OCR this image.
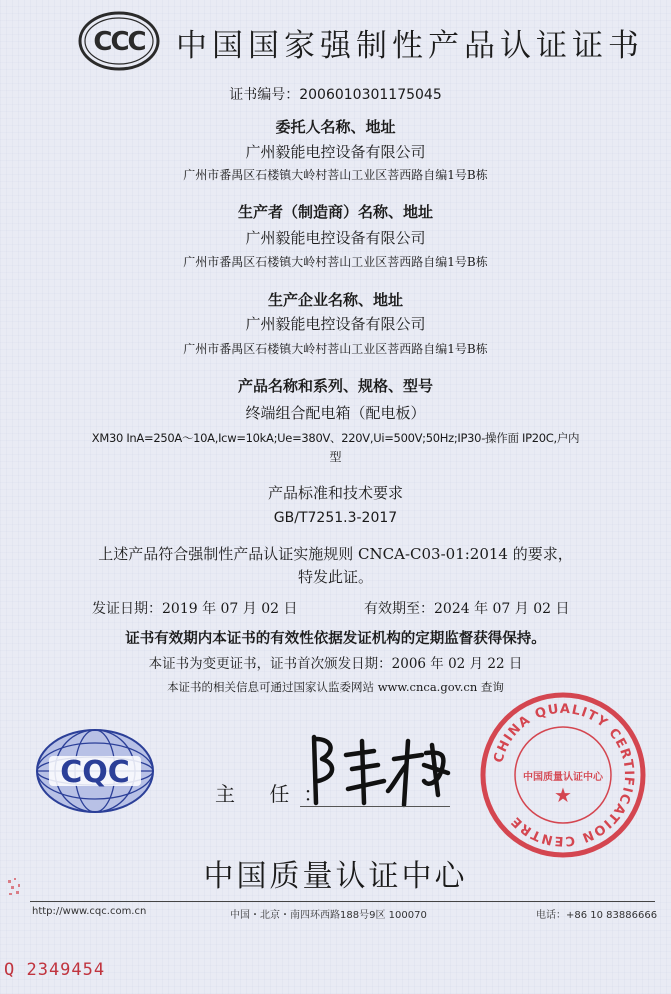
CCC 中国国家强制性产品认证证书
证书编号：2006010301175045
委托人名称、地址
广州毅能电控设备有限公司
广州市番禺区石楼镇大岭村菩山工业区菩西路自编1号B栋
生产者（制造商）名称、地址
广州毅能电控设备有限公司
广州市番禺区石楼镇大岭村菩山工业区菩西路自编1号B栋
生产企业名称、地址
广州毅能电控设备有限公司
广州市番禺区石楼镇大岭村菩山工业区菩西路自编1号B栋
产品名称和系列、规格、型号
终端组合配电箱（配电板）
XM30 InA=250A～10A,Icw=10kA;Ue=380V、220V,Ui=500V;50Hz;IP30-操作面 IP20C,户内
型
产品标准和技术要求
GB/T7251.3-2017
上述产品符合强制性产品认证实施规则 CNCA-C03-01:2014 的要求，
特发此证。
发证日期：2019 年 07 月 02 日	有效期至：2024 年 07 月 02 日
证书有效期内本证书的有效性依据发证机构的定期监督获得保持。
本证书为变更证书，证书首次颁发日期：2006 年 02 月 22 日
本证书的相关信息可通过国家认监委网站 www.cnca.gov.cn 查询
CQC
主 任：
CHINA QUALITY CERTIFICATION CENTRE
中国质量认证中心
★
中国质量认证中心
http://www.cqc.com.cn	中国・北京・南四环西路188号9区 100070	电话：+86 10 83886666
Q 2349454
